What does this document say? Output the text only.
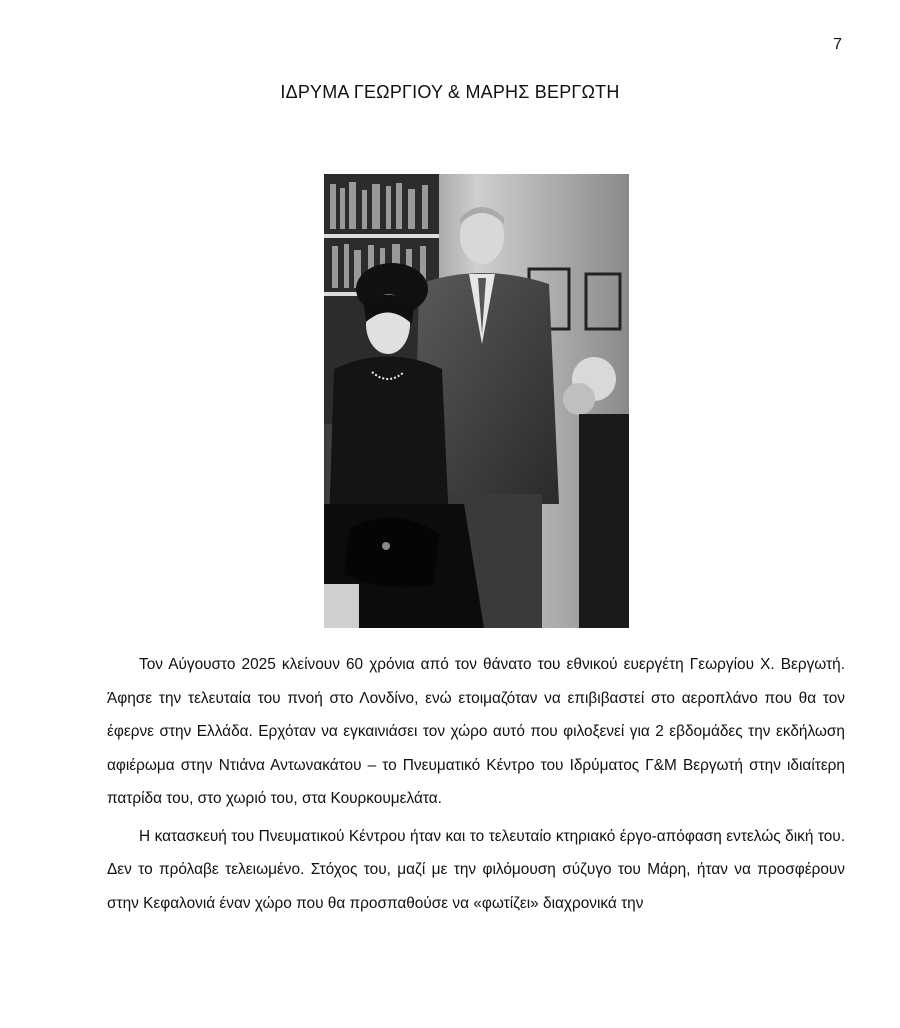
7
ΙΔΡΥΜΑ ΓΕΩΡΓΙΟΥ & ΜΑΡΗΣ ΒΕΡΓΩΤΗ

Τον Αύγουστο 2025 κλείνουν 60 χρόνια από τον θάνατο του εθνικού ευεργέτη Γεωργίου Χ. Βεργωτή. Άφησε την τελευταία του πνοή στο Λονδίνο, ενώ ετοιμαζόταν να επιβιβαστεί στο αεροπλάνο που θα τον έφερνε στην Ελλάδα. Ερχόταν να εγκαινιάσει τον χώρο αυτό που φιλοξενεί για 2 εβδομάδες την εκδήλωση αφιέρωμα στην Ντιάνα Αντωνακάτου – το Πνευματικό Κέντρο του Ιδρύματος Γ&Μ Βεργωτή στην ιδιαίτερη πατρίδα του, στο χωριό του, στα Κουρκουμελάτα.

Η κατασκευή του Πνευματικού Κέντρου ήταν και το τελευταίο κτηριακό έργο-απόφαση εντελώς δική του. Δεν το πρόλαβε τελειωμένο. Στόχος του, μαζί με την φιλόμουση σύζυγο του Μάρη, ήταν να προσφέρουν στην Κεφαλονιά έναν χώρο που θα προσπαθούσε να «φωτίζει» διαχρονικά την
